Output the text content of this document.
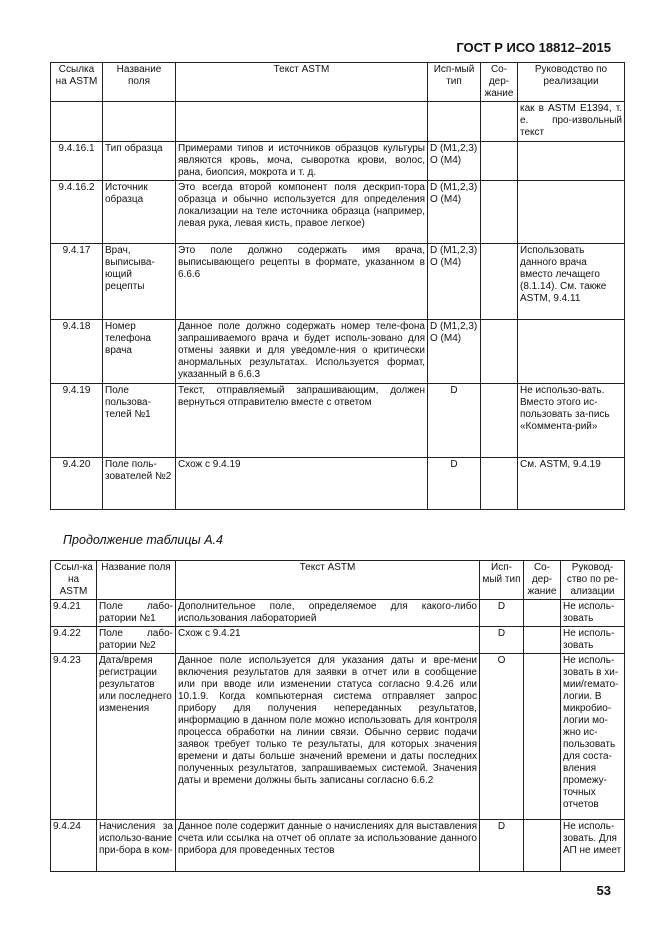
ГОСТ Р ИСО 18812–2015
Ссылка на ASTM	Название поля	Текст ASTM	Исп-мый тип	Со-дер-жание	Руководство по реализации
					как в ASTM E1394, т. е. про-извольный текст
9.4.16.1	Тип образца	Примерами типов и источников образцов культуры являются кровь, моча, сыворотка крови, волос, рана, биопсия, мокрота и т. д.	D (M1,2,3) O (M4)		
9.4.16.2	Источник образца	Это всегда второй компонент поля дескрип-тора образца и обычно используется для определения локализации на теле источника образца (например, левая рука, левая кисть, правое легкое)	D (M1,2,3) O (M4)		
9.4.17	Врач, выписыва-ющий рецепты	Это поле должно содержать имя врача, выписывающего рецепты в формате, указанном в 6.6.6	D (M1,2,3) O (M4)		Использовать данного врача вместо лечащего (8.1.14). См. также ASTM, 9.4.11
9.4.18	Номер телефона врача	Данное поле должно содержать номер теле-фона запрашиваемого врача и будет исполь-зовано для отмены заявки и для уведомле-ния о критически анормальных результатах. Используется формат, указанный в 6.6.3	D (M1,2,3) O (M4)		
9.4.19	Поле пользова-телей №1	Текст, отправляемый запрашивающим, должен вернуться отправителю вместе с ответом	D		Не использо-вать. Вместо этого ис-пользовать за-пись «Коммента-рий»
9.4.20	Поле поль-зователей №2	Схож с 9.4.19	D		См. ASTM, 9.4.19
Продолжение таблицы А.4
Ссыл-ка на ASTM	Название поля	Текст ASTM	Исп-мый тип	Со-дер-жание	Руковод-ство по ре-ализации
9.4.21	Поле лабо-ратории №1	Дополнительное поле, определяемое для какого-либо использования лабораторией	D		Не исполь-зовать
9.4.22	Поле лабо-ратории №2	Схож с 9.4.21	D		Не исполь-зовать
9.4.23	Дата/время регистрации результатов или последнего изменения	Данное поле используется для указания даты и вре-мени включения результатов для заявки в отчет или в сообщение или при вводе или изменении статуса согласно 9.4.26 или 10.1.9. Когда компьютерная система отправляет запрос прибору для получения непереданных результатов, информацию в данном поле можно использовать для контроля процесса обработки на линии связи. Обычно сервис подачи заявок требует только те результаты, для которых значения времени и даты больше значений времени и даты последних полученных результатов, запрашиваемых системой. Значения даты и времени должны быть записаны согласно 6.6.2	O		Не исполь-зовать в хи-мии/гемато-логии. В микробио-логии мо-жно ис-пользовать для соста-вления промежу-точных отчетов
9.4.24	Начисления за использо-вание при-бора в ком-	Данное поле содержит данные о начислениях для выставления счета или ссылка на отчет об оплате за использование данного прибора для проведенных тестов	D		Не исполь-зовать. Для АП не имеет
53
